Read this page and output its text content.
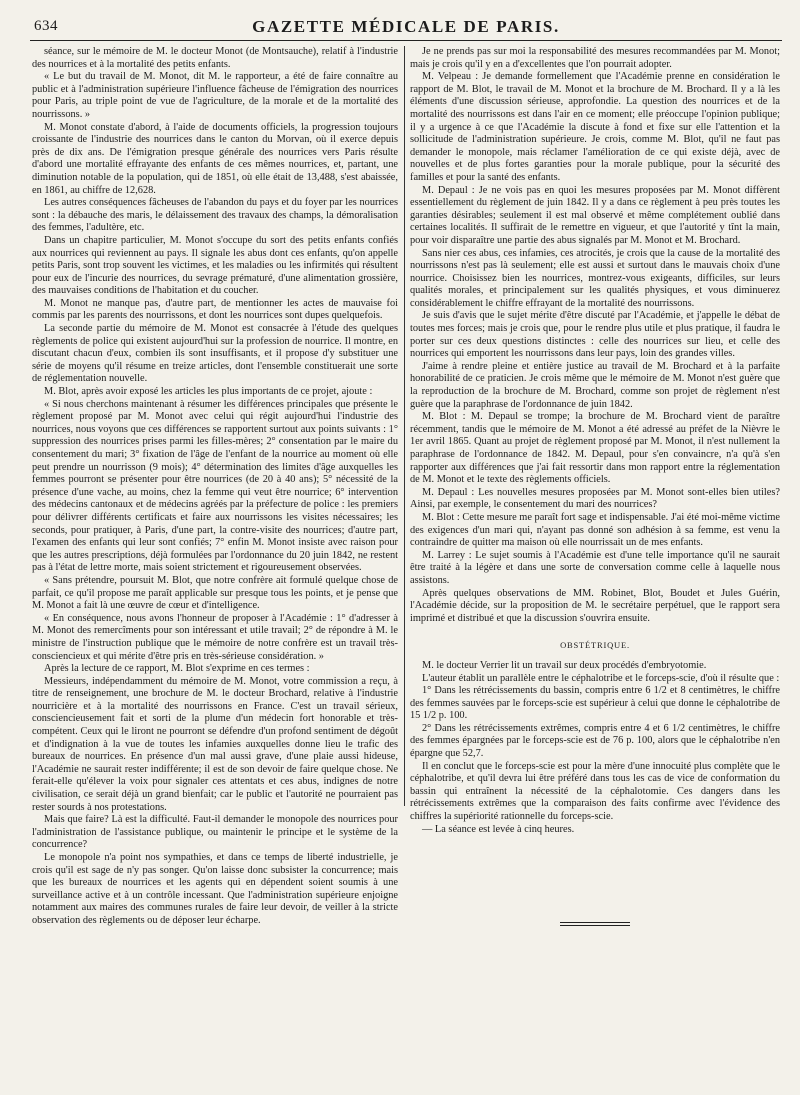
634	GAZETTE MÉDICALE DE PARIS.

séance, sur le mémoire de M. le docteur Monot (de Montsauche), relatif à l'industrie des nourrices et à la mortalité des petits enfants.

« Le but du travail de M. Monot, dit M. le rapporteur, a été de faire connaître au public et à l'administration supérieure l'influence fâcheuse de l'émigration des nourrices pour Paris, au triple point de vue de l'agriculture, de la morale et de la mortalité des nourrissons. »

M. Monot constate d'abord, à l'aide de documents officiels, la progression toujours croissante de l'industrie des nourrices dans le canton du Morvan, où il exerce depuis près de dix ans. De l'émigration presque générale des nourrices vers Paris résulte d'abord une mortalité effrayante des enfants de ces mêmes nourrices, et, partant, une diminution notable de la population, qui de 1851, où elle était de 13,488, s'est abaissée, en 1861, au chiffre de 12,628.

Les autres conséquences fâcheuses de l'abandon du pays et du foyer par les nourrices sont : la débauche des maris, le délaissement des travaux des champs, la démoralisation des femmes, l'adultère, etc.

Dans un chapitre particulier, M. Monot s'occupe du sort des petits enfants confiés aux nourrices qui reviennent au pays. Il signale les abus dont ces enfants, qu'on appelle petits Paris, sont trop souvent les victimes, et les maladies ou les infirmités qui résultent pour eux de l'incurie des nourrices, du sevrage prématuré, d'une alimentation grossière, des mauvaises conditions de l'habitation et du coucher.

M. Monot ne manque pas, d'autre part, de mentionner les actes de mauvaise foi commis par les parents des nourrissons, et dont les nourrices sont dupes quelquefois.

La seconde partie du mémoire de M. Monot est consacrée à l'étude des quelques règlements de police qui existent aujourd'hui sur la profession de nourrice. Il montre, en discutant chacun d'eux, combien ils sont insuffisants, et il propose d'y substituer une série de moyens qu'il résume en treize articles, dont l'ensemble constituerait une sorte de réglementation nouvelle.

M. Blot, après avoir exposé les articles les plus importants de ce projet, ajoute :

« Si nous cherchons maintenant à résumer les différences principales que présente le règlement proposé par M. Monot avec celui qui régit aujourd'hui l'industrie des nourrices, nous voyons que ces différences se rapportent surtout aux points suivants : 1° suppression des nourrices prises parmi les filles-mères; 2° consentation par le maire du consentement du mari; 3° fixation de l'âge de l'enfant de la nourrice au moment où elle peut prendre un nourrisson (9 mois); 4° détermination des limites d'âge auxquelles les femmes pourront se présenter pour être nourrices (de 20 à 40 ans); 5° nécessité de la présence d'une vache, au moins, chez la femme qui veut être nourrice; 6° intervention des médecins cantonaux et de médecins agréés par la préfecture de police : les premiers pour délivrer différents certificats et faire aux nourrissons les visites nécessaires; les seconds, pour pratiquer, à Paris, d'une part, la contre-visite des nourrices; d'autre part, l'examen des enfants qui leur sont confiés; 7° enfin M. Monot insiste avec raison pour que les autres prescriptions, déjà formulées par l'ordonnance du 20 juin 1842, ne restent pas à l'état de lettre morte, mais soient strictement et rigoureusement observées.

« Sans prétendre, poursuit M. Blot, que notre confrère ait formulé quelque chose de parfait, ce qu'il propose me paraît applicable sur presque tous les points, et je pense que M. Monot a fait là une œuvre de cœur et d'intelligence.

« En conséquence, nous avons l'honneur de proposer à l'Académie : 1° d'adresser à M. Monot des remercîments pour son intéressant et utile travail; 2° de répondre à M. le ministre de l'instruction publique que le mémoire de notre confrère est un travail très-consciencieux et qui mérite d'être pris en très-sérieuse considération. »

Après la lecture de ce rapport, M. Blot s'exprime en ces termes :

Messieurs, indépendamment du mémoire de M. Monot, votre commission a reçu, à titre de renseignement, une brochure de M. le docteur Brochard, relative à l'industrie nourricière et à la mortalité des nourrissons en France. C'est un travail sérieux, consciencieusement fait et sorti de la plume d'un médecin fort honorable et très-compétent. Ceux qui le liront ne pourront se défendre d'un profond sentiment de dégoût et d'indignation à la vue de toutes les infamies auxquelles donne lieu le trafic des bureaux de nourrices. En présence d'un mal aussi grave, d'une plaie aussi hideuse, l'Académie ne saurait rester indifférente; il est de son devoir de faire quelque chose. Ne ferait-elle qu'élever la voix pour signaler ces attentats et ces abus, indignes de notre civilisation, ce serait déjà un grand bienfait; car le public et l'autorité ne pourraient pas rester sourds à nos protestations.

Mais que faire? Là est la difficulté. Faut-il demander le monopole des nourrices pour l'administration de l'assistance publique, ou maintenir le principe et le système de la concurrence?

Le monopole n'a point nos sympathies, et dans ce temps de liberté industrielle, je crois qu'il est sage de n'y pas songer. Qu'on laisse donc subsister la concurrence; mais que les bureaux de nourrices et les agents qui en dépendent soient soumis à une surveillance active et à un contrôle incessant. Que l'administration supérieure enjoigne notamment aux maires des communes rurales de faire leur devoir, de veiller à la stricte observation des règlements ou de déposer leur écharpe.

Je ne prends pas sur moi la responsabilité des mesures recommandées par M. Monot; mais je crois qu'il y en a d'excellentes que l'on pourrait adopter.

M. Velpeau : Je demande formellement que l'Académie prenne en considération le rapport de M. Blot, le travail de M. Monot et la brochure de M. Brochard. Il y a là les éléments d'une discussion sérieuse, approfondie. La question des nourrices et de la mortalité des nourrissons est dans l'air en ce moment; elle préoccupe l'opinion publique; il y a urgence à ce que l'Académie la discute à fond et fixe sur elle l'attention et la sollicitude de l'administration supérieure. Je crois, comme M. Blot, qu'il ne faut pas demander le monopole, mais réclamer l'amélioration de ce qui existe déjà, avec de nouvelles et de plus fortes garanties pour la morale publique, pour la sécurité des familles et pour la santé des enfants.

M. Depaul : Je ne vois pas en quoi les mesures proposées par M. Monot diffèrent essentiellement du règlement de juin 1842. Il y a dans ce règlement à peu près toutes les garanties désirables; seulement il est mal observé et même complétement oublié dans certaines localités. Il suffirait de le remettre en vigueur, et que l'autorité y tînt la main, pour voir disparaître une partie des abus signalés par M. Monot et M. Brochard.

Sans nier ces abus, ces infamies, ces atrocités, je crois que la cause de la mortalité des nourrissons n'est pas là seulement; elle est aussi et surtout dans le mauvais choix d'une nourrice. Choisissez bien les nourrices, montrez-vous exigeants, difficiles, sur leurs qualités morales, et principalement sur les qualités physiques, et vous diminuerez considérablement le chiffre effrayant de la mortalité des nourrissons.

Je suis d'avis que le sujet mérite d'être discuté par l'Académie, et j'appelle le débat de toutes mes forces; mais je crois que, pour le rendre plus utile et plus pratique, il faudra le porter sur ces deux questions distinctes : celle des nourrices sur lieu, et celle des nourrices qui emportent les nourrissons dans leur pays, loin des grandes villes.

J'aime à rendre pleine et entière justice au travail de M. Brochard et à la parfaite honorabilité de ce praticien. Je crois même que le mémoire de M. Monot n'est guère que la reproduction de la brochure de M. Brochard, comme son projet de règlement n'est guère que la paraphrase de l'ordonnance de juin 1842.

M. Blot : M. Depaul se trompe; la brochure de M. Brochard vient de paraître récemment, tandis que le mémoire de M. Monot a été adressé au préfet de la Nièvre le 1er avril 1865. Quant au projet de règlement proposé par M. Monot, il n'est nullement la paraphrase de l'ordonnance de 1842. M. Depaul, pour s'en convaincre, n'a qu'à s'en rapporter aux différences que j'ai fait ressortir dans mon rapport entre la réglementation de M. Monot et le texte des règlements officiels.

M. Depaul : Les nouvelles mesures proposées par M. Monot sont-elles bien utiles? Ainsi, par exemple, le consentement du mari des nourrices?

M. Blot : Cette mesure me paraît fort sage et indispensable. J'ai été moi-même victime des exigences d'un mari qui, n'ayant pas donné son adhésion à sa femme, est venu la contraindre de quitter ma maison où elle nourrissait un de mes enfants.

M. Larrey : Le sujet soumis à l'Académie est d'une telle importance qu'il ne saurait être traité à la légère et dans une sorte de conversation comme celle à laquelle nous assistons.

Après quelques observations de MM. Robinet, Blot, Boudet et Jules Guérin, l'Académie décide, sur la proposition de M. le secrétaire perpétuel, que le rapport sera imprimé et distribué et que la discussion s'ouvrira ensuite.

OBSTÉTRIQUE.

M. le docteur Verrier lit un travail sur deux procédés d'embryotomie.

L'auteur établit un parallèle entre le céphalotribe et le forceps-scie, d'où il résulte que :

1° Dans les rétrécissements du bassin, compris entre 6 1/2 et 8 centimètres, le chiffre des femmes sauvées par le forceps-scie est supérieur à celui que donne le céphalotribe de 15 1/2 p. 100.

2° Dans les rétrécissements extrêmes, compris entre 4 et 6 1/2 centimètres, le chiffre des femmes épargnées par le forceps-scie est de 76 p. 100, alors que le céphalotribe n'en épargne que 52,7.

Il en conclut que le forceps-scie est pour la mère d'une innocuité plus complète que le céphalotribe, et qu'il devra lui être préféré dans tous les cas de vice de conformation du bassin qui entraînent la nécessité de la céphalotomie. Ces dangers dans les rétrécissements extrêmes que la comparaison des faits confirme avec l'évidence des chiffres la supériorité rationnelle du forceps-scie.

— La séance est levée à cinq heures.
